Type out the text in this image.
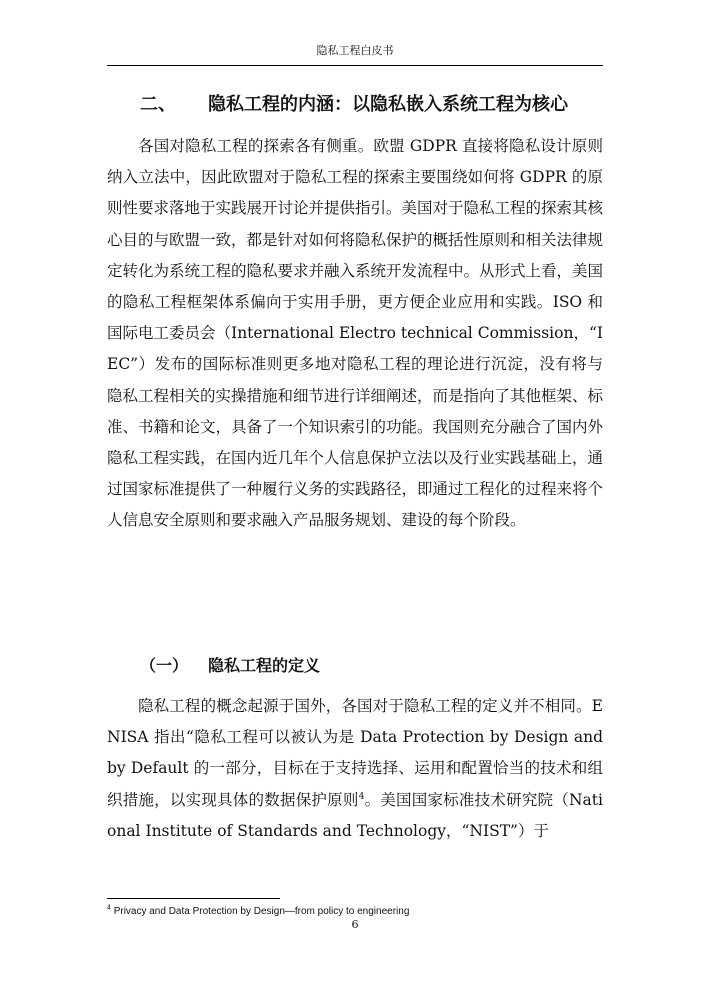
隐私工程白皮书
二、 隐私工程的内涵：以隐私嵌入系统工程为核心
各国对隐私工程的探索各有侧重。欧盟 GDPR 直接将隐私设计原则纳入立法中，因此欧盟对于隐私工程的探索主要围绕如何将 GDPR 的原则性要求落地于实践展开讨论并提供指引。美国对于隐私工程的探索其核心目的与欧盟一致，都是针对如何将隐私保护的概括性原则和相关法律规定转化为系统工程的隐私要求并融入系统开发流程中。从形式上看，美国的隐私工程框架体系偏向于实用手册，更方便企业应用和实践。ISO 和国际电工委员会（International Electro technical Commission，“IEC”）发布的国际标准则更多地对隐私工程的理论进行沉淀，没有将与隐私工程相关的实操措施和细节进行详细阐述，而是指向了其他框架、标准、书籍和论文，具备了一个知识索引的功能。我国则充分融合了国内外隐私工程实践，在国内近几年个人信息保护立法以及行业实践基础上，通过国家标准提供了一种履行义务的实践路径，即通过工程化的过程来将个人信息安全原则和要求融入产品服务规划、建设的每个阶段。
（一） 隐私工程的定义
隐私工程的概念起源于国外，各国对于隐私工程的定义并不相同。ENISA 指出“隐私工程可以被认为是 Data Protection by Design and by Default 的一部分，目标在于支持选择、运用和配置恰当的技术和组织措施，以实现具体的数据保护原则$^4$。美国国家标准技术研究院（National Institute of Standards and Technology，“NIST”）于
$^4$ Privacy and Data Protection by Design—from policy to engineering
6
